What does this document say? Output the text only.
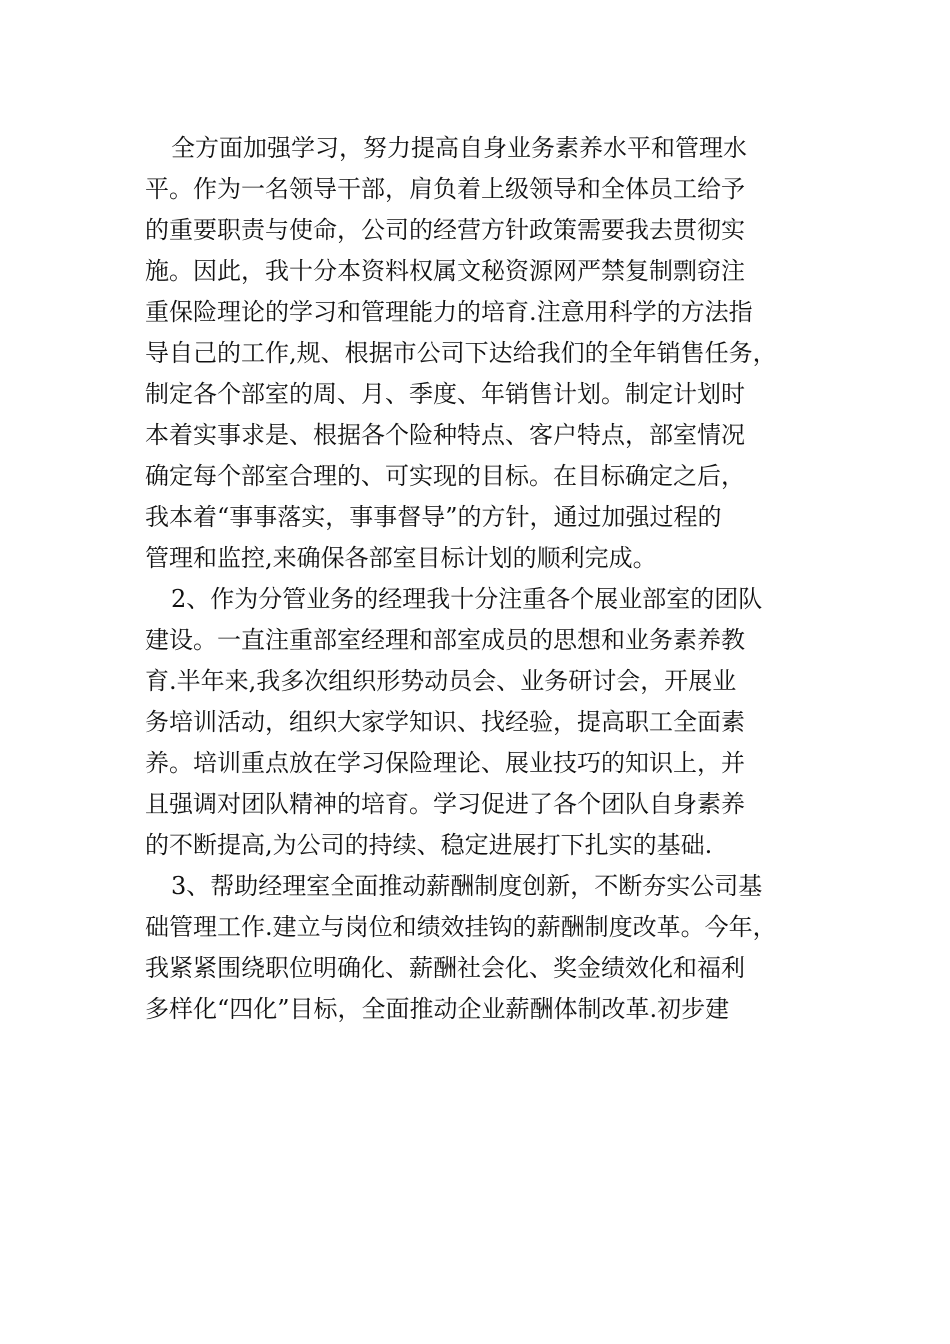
全方面加强学习，努力提高自身业务素养水平和管理水
平。作为一名领导干部，肩负着上级领导和全体员工给予
的重要职责与使命，公司的经营方针政策需要我去贯彻实
施。因此，我十分本资料权属文秘资源网严禁复制剽窃注
重保险理论的学习和管理能力的培育.注意用科学的方法指
导自己的工作,规、根据市公司下达给我们的全年销售任务，
制定各个部室的周、月、季度、年销售计划。制定计划时
本着实事求是、根据各个险种特点、客户特点，部室情况
确定每个部室合理的、可实现的目标。在目标确定之后，
我本着“事事落实，事事督导”的方针，通过加强过程的
管理和监控,来确保各部室目标计划的顺利完成。
2、作为分管业务的经理我十分注重各个展业部室的团队
建设。一直注重部室经理和部室成员的思想和业务素养教
育.半年来,我多次组织形势动员会、业务研讨会，开展业
务培训活动，组织大家学知识、找经验，提高职工全面素
养。培训重点放在学习保险理论、展业技巧的知识上，并
且强调对团队精神的培育。学习促进了各个团队自身素养
的不断提高,为公司的持续、稳定进展打下扎实的基础.
3、帮助经理室全面推动薪酬制度创新，不断夯实公司基
础管理工作.建立与岗位和绩效挂钩的薪酬制度改革。今年，
我紧紧围绕职位明确化、薪酬社会化、奖金绩效化和福利
多样化“四化”目标，全面推动企业薪酬体制改革.初步建
